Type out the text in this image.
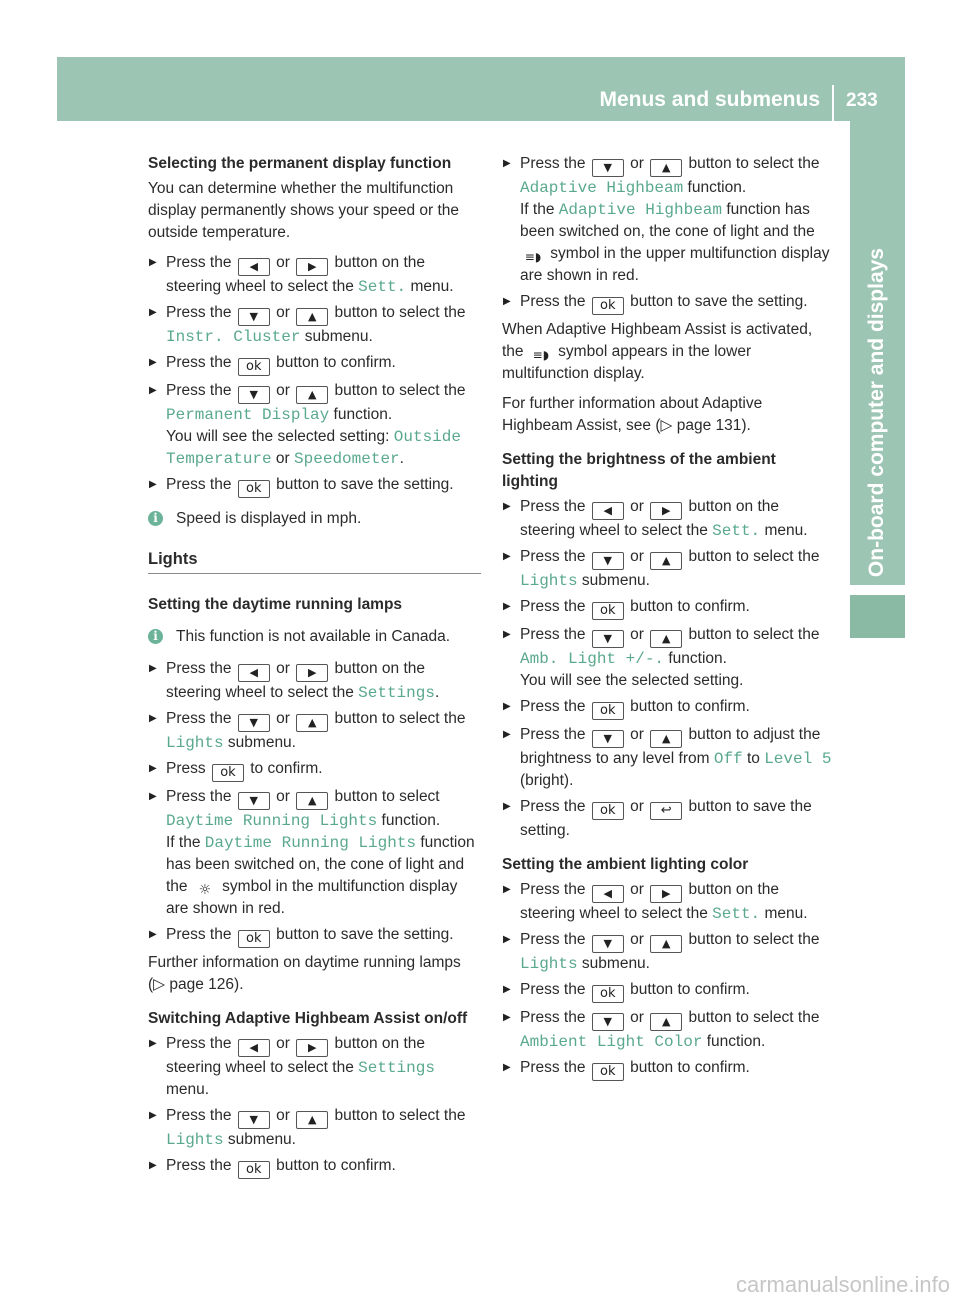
Menus and submenus 233
On-board computer and displays
Selecting the permanent display function
You can determine whether the multifunction display permanently shows your speed or the outside temperature.
▶
Press the ◀ or ▶ button on the steering wheel to select the Sett. menu.
▶
Press the ▼ or ▲ button to select the Instr. Cluster submenu.
▶
Press the ok button to confirm.
▶
Press the ▼ or ▲ button to select the Permanent Display function.
You will see the selected setting: Outside Temperature or Speedometer.
▶
Press the ok button to save the setting.
i
Speed is displayed in mph.
Lights
Setting the daytime running lamps
i
This function is not available in Canada.
▶
Press the ◀ or ▶ button on the steering wheel to select the Settings.
▶
Press the ▼ or ▲ button to select the Lights submenu.
▶
Press ok to confirm.
▶
Press the ▼ or ▲ button to select Daytime Running Lights function.
If the Daytime Running Lights function has been switched on, the cone of light and the ☼ symbol in the multifunction display are shown in red.
▶
Press the ok button to save the setting.
Further information on daytime running lamps (▷ page 126).
Switching Adaptive Highbeam Assist on/off
▶
Press the ◀ or ▶ button on the steering wheel to select the Settings menu.
▶
Press the ▼ or ▲ button to select the Lights submenu.
▶
Press the ok button to confirm.
▶
Press the ▼ or ▲ button to select the Adaptive Highbeam function.
If the Adaptive Highbeam function has been switched on, the cone of light and the ≡◗ symbol in the upper multifunction display are shown in red.
▶
Press the ok button to save the setting.
When Adaptive Highbeam Assist is activated, the ≡◗ symbol appears in the lower multifunction display.
For further information about Adaptive Highbeam Assist, see (▷ page 131).
Setting the brightness of the ambient lighting
▶
Press the ◀ or ▶ button on the steering wheel to select the Sett. menu.
▶
Press the ▼ or ▲ button to select the Lights submenu.
▶
Press the ok button to confirm.
▶
Press the ▼ or ▲ button to select the Amb. Light +/-. function.
You will see the selected setting.
▶
Press the ok button to confirm.
▶
Press the ▼ or ▲ button to adjust the brightness to any level from Off to Level 5 (bright).
▶
Press the ok or ↩ button to save the setting.
Setting the ambient lighting color
▶
Press the ◀ or ▶ button on the steering wheel to select the Sett. menu.
▶
Press the ▼ or ▲ button to select the Lights submenu.
▶
Press the ok button to confirm.
▶
Press the ▼ or ▲ button to select the Ambient Light Color function.
▶
Press the ok button to confirm.
carmanualsonline.info
